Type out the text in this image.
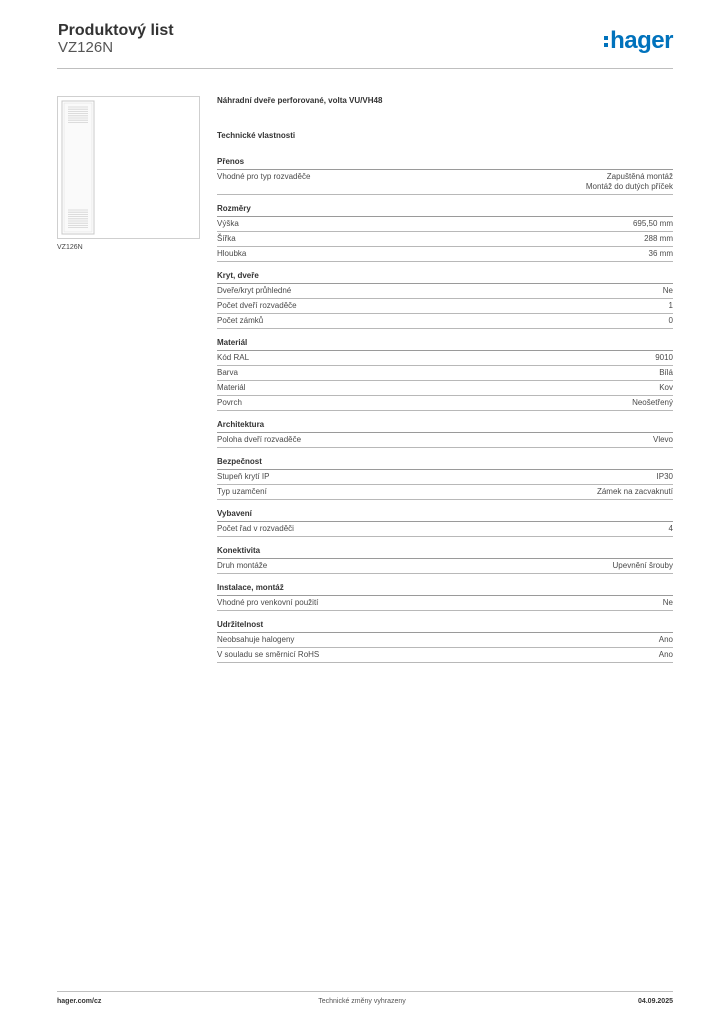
Produktový list
VZ126N	hager
VZ126N
Náhradní dveře perforované, volta VU/VH48
Technické vlastnosti
Přenos
Vhodné pro typ rozvaděče	Zapuštěná montáž
Montáž do dutých příček
Rozměry
Výška	695,50 mm
Šířka	288 mm
Hloubka	36 mm
Kryt, dveře
Dveře/kryt průhledné	Ne
Počet dveří rozvaděče	1
Počet zámků	0
Materiál
Kód RAL	9010
Barva	Bílá
Materiál	Kov
Povrch	Neošetřený
Architektura
Poloha dveří rozvaděče	Vlevo
Bezpečnost
Stupeň krytí IP	IP30
Typ uzamčení	Zámek na zacvaknutí
Vybavení
Počet řad v rozvaděči	4
Konektivita
Druh montáže	Upevnění šrouby
Instalace, montáž
Vhodné pro venkovní použití	Ne
Udržitelnost
Neobsahuje halogeny	Ano
V souladu se směrnicí RoHS	Ano
hager.com/cz	Technické změny vyhrazeny	04.09.2025
